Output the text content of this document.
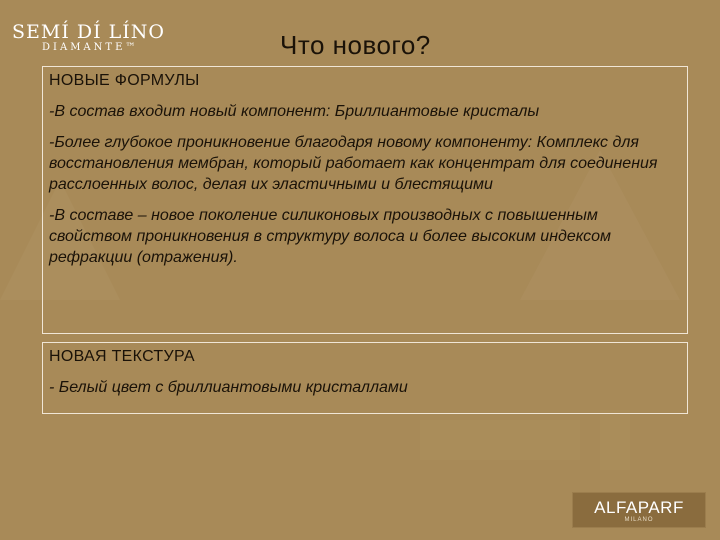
SEMÍ DÍ LÍNO
DIAMANTE™	Что нового?
НОВЫЕ ФОРМУЛЫ

-В состав входит новый компонент: Бриллиантовые кристалы

-Более глубокое проникновение благодаря новому компоненту: Комплекс для восстановления мембран, который работает как концентрат для соединения расслоенных волос, делая их эластичными и блестящими

-В составе – новое поколение силиконовых производных с повышенным свойством проникновения в структуру волоса и более высоким индексом рефракции (отражения).

НОВАЯ ТЕКСТУРА

- Белый цвет с бриллиантовыми кристаллами

ALFAPARF
MILANO
